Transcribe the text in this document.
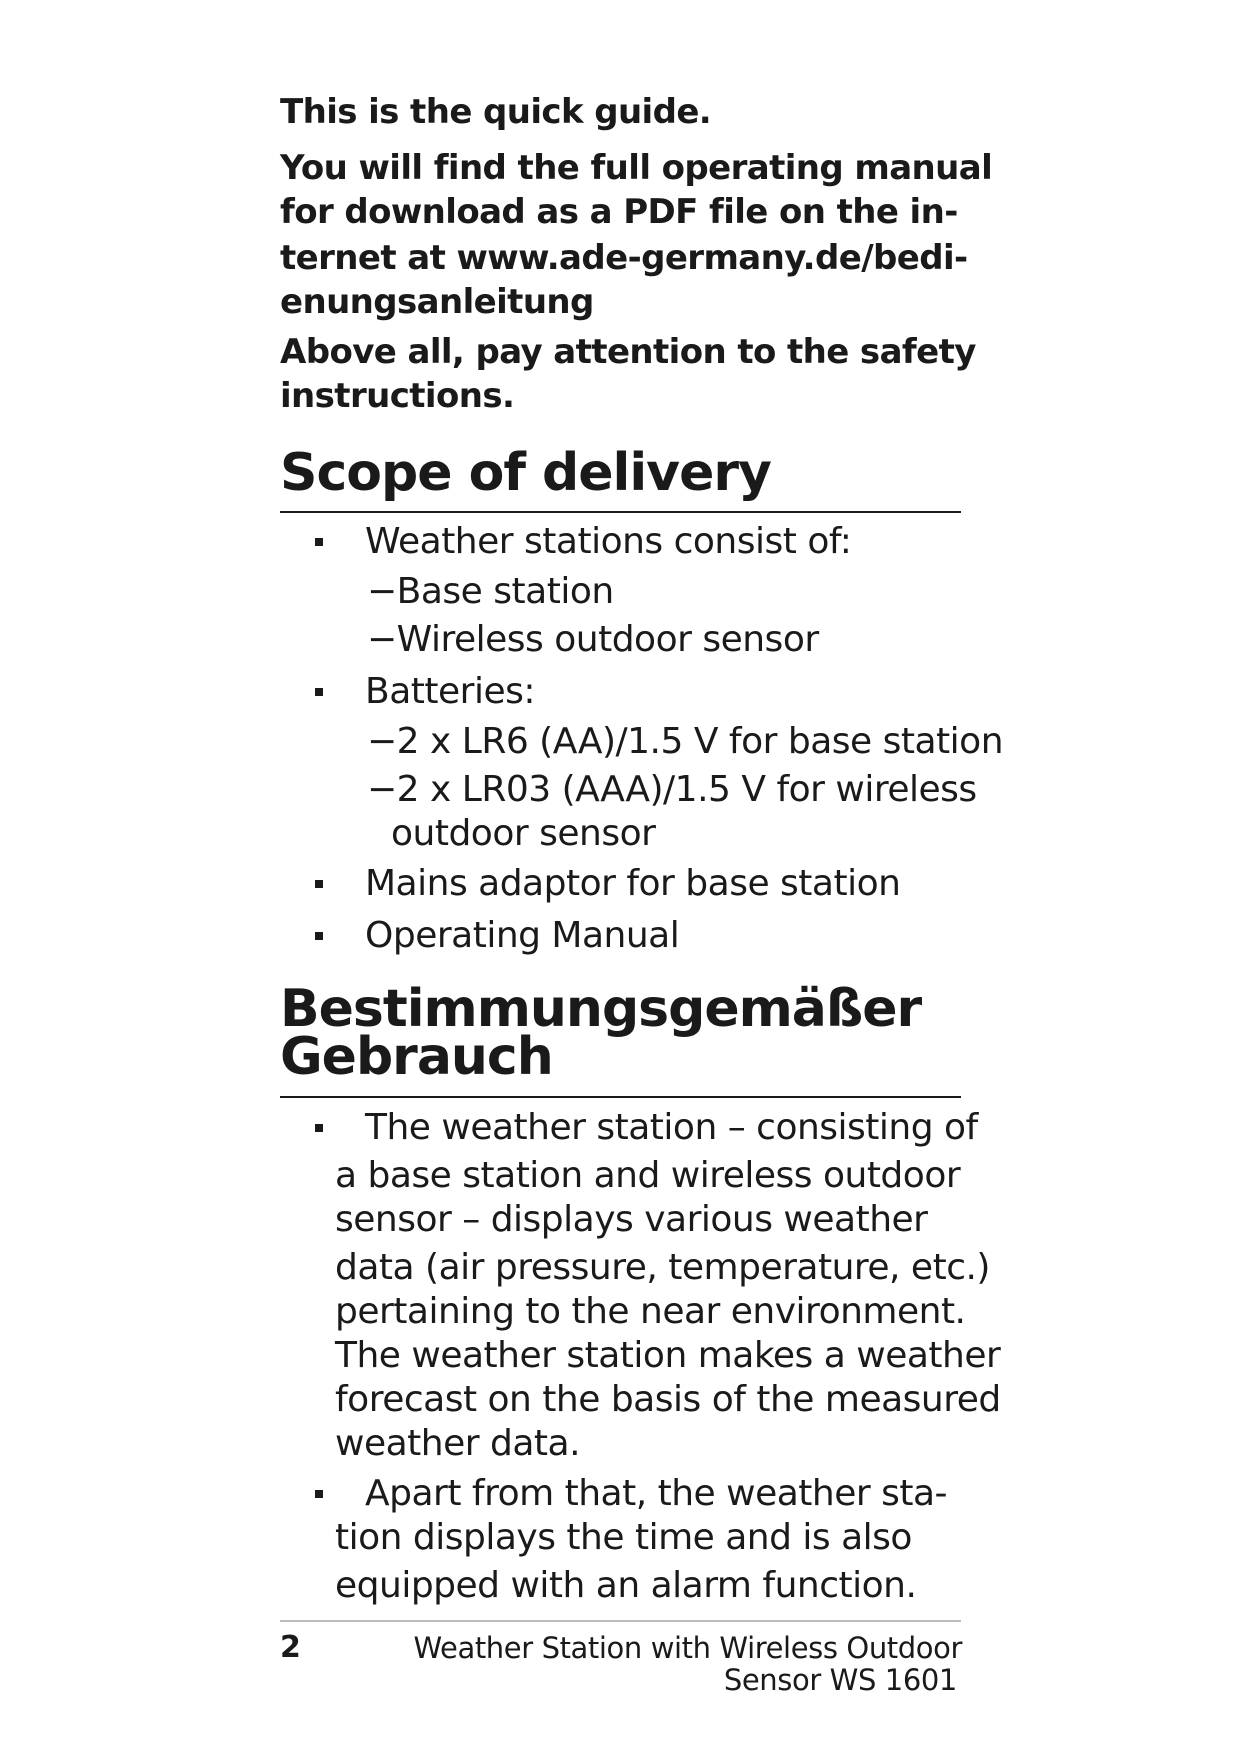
This is the quick guide.
You will find the full operating manual
for download as a PDF file on the in-
ternet at www.ade-germany.de/bedi-
enungsanleitung
Above all, pay attention to the safety
instructions.
Scope of delivery
Weather stations consist of:
−Base station
−Wireless outdoor sensor
Batteries:
−2 x LR6 (AA)/1.5 V for base station
−2 x LR03 (AAA)/1.5 V for wireless
outdoor sensor
Mains adaptor for base station
Operating Manual
Bestimmungsgemäßer
Gebrauch
The weather station – consisting of
a base station and wireless outdoor
sensor – displays various weather
data (air pressure, temperature, etc.)
pertaining to the near environment.
The weather station makes a weather
forecast on the basis of the measured
weather data.
Apart from that, the weather sta-
tion displays the time and is also
equipped with an alarm function.
2	Weather Station with Wireless Outdoor
Sensor WS 1601
